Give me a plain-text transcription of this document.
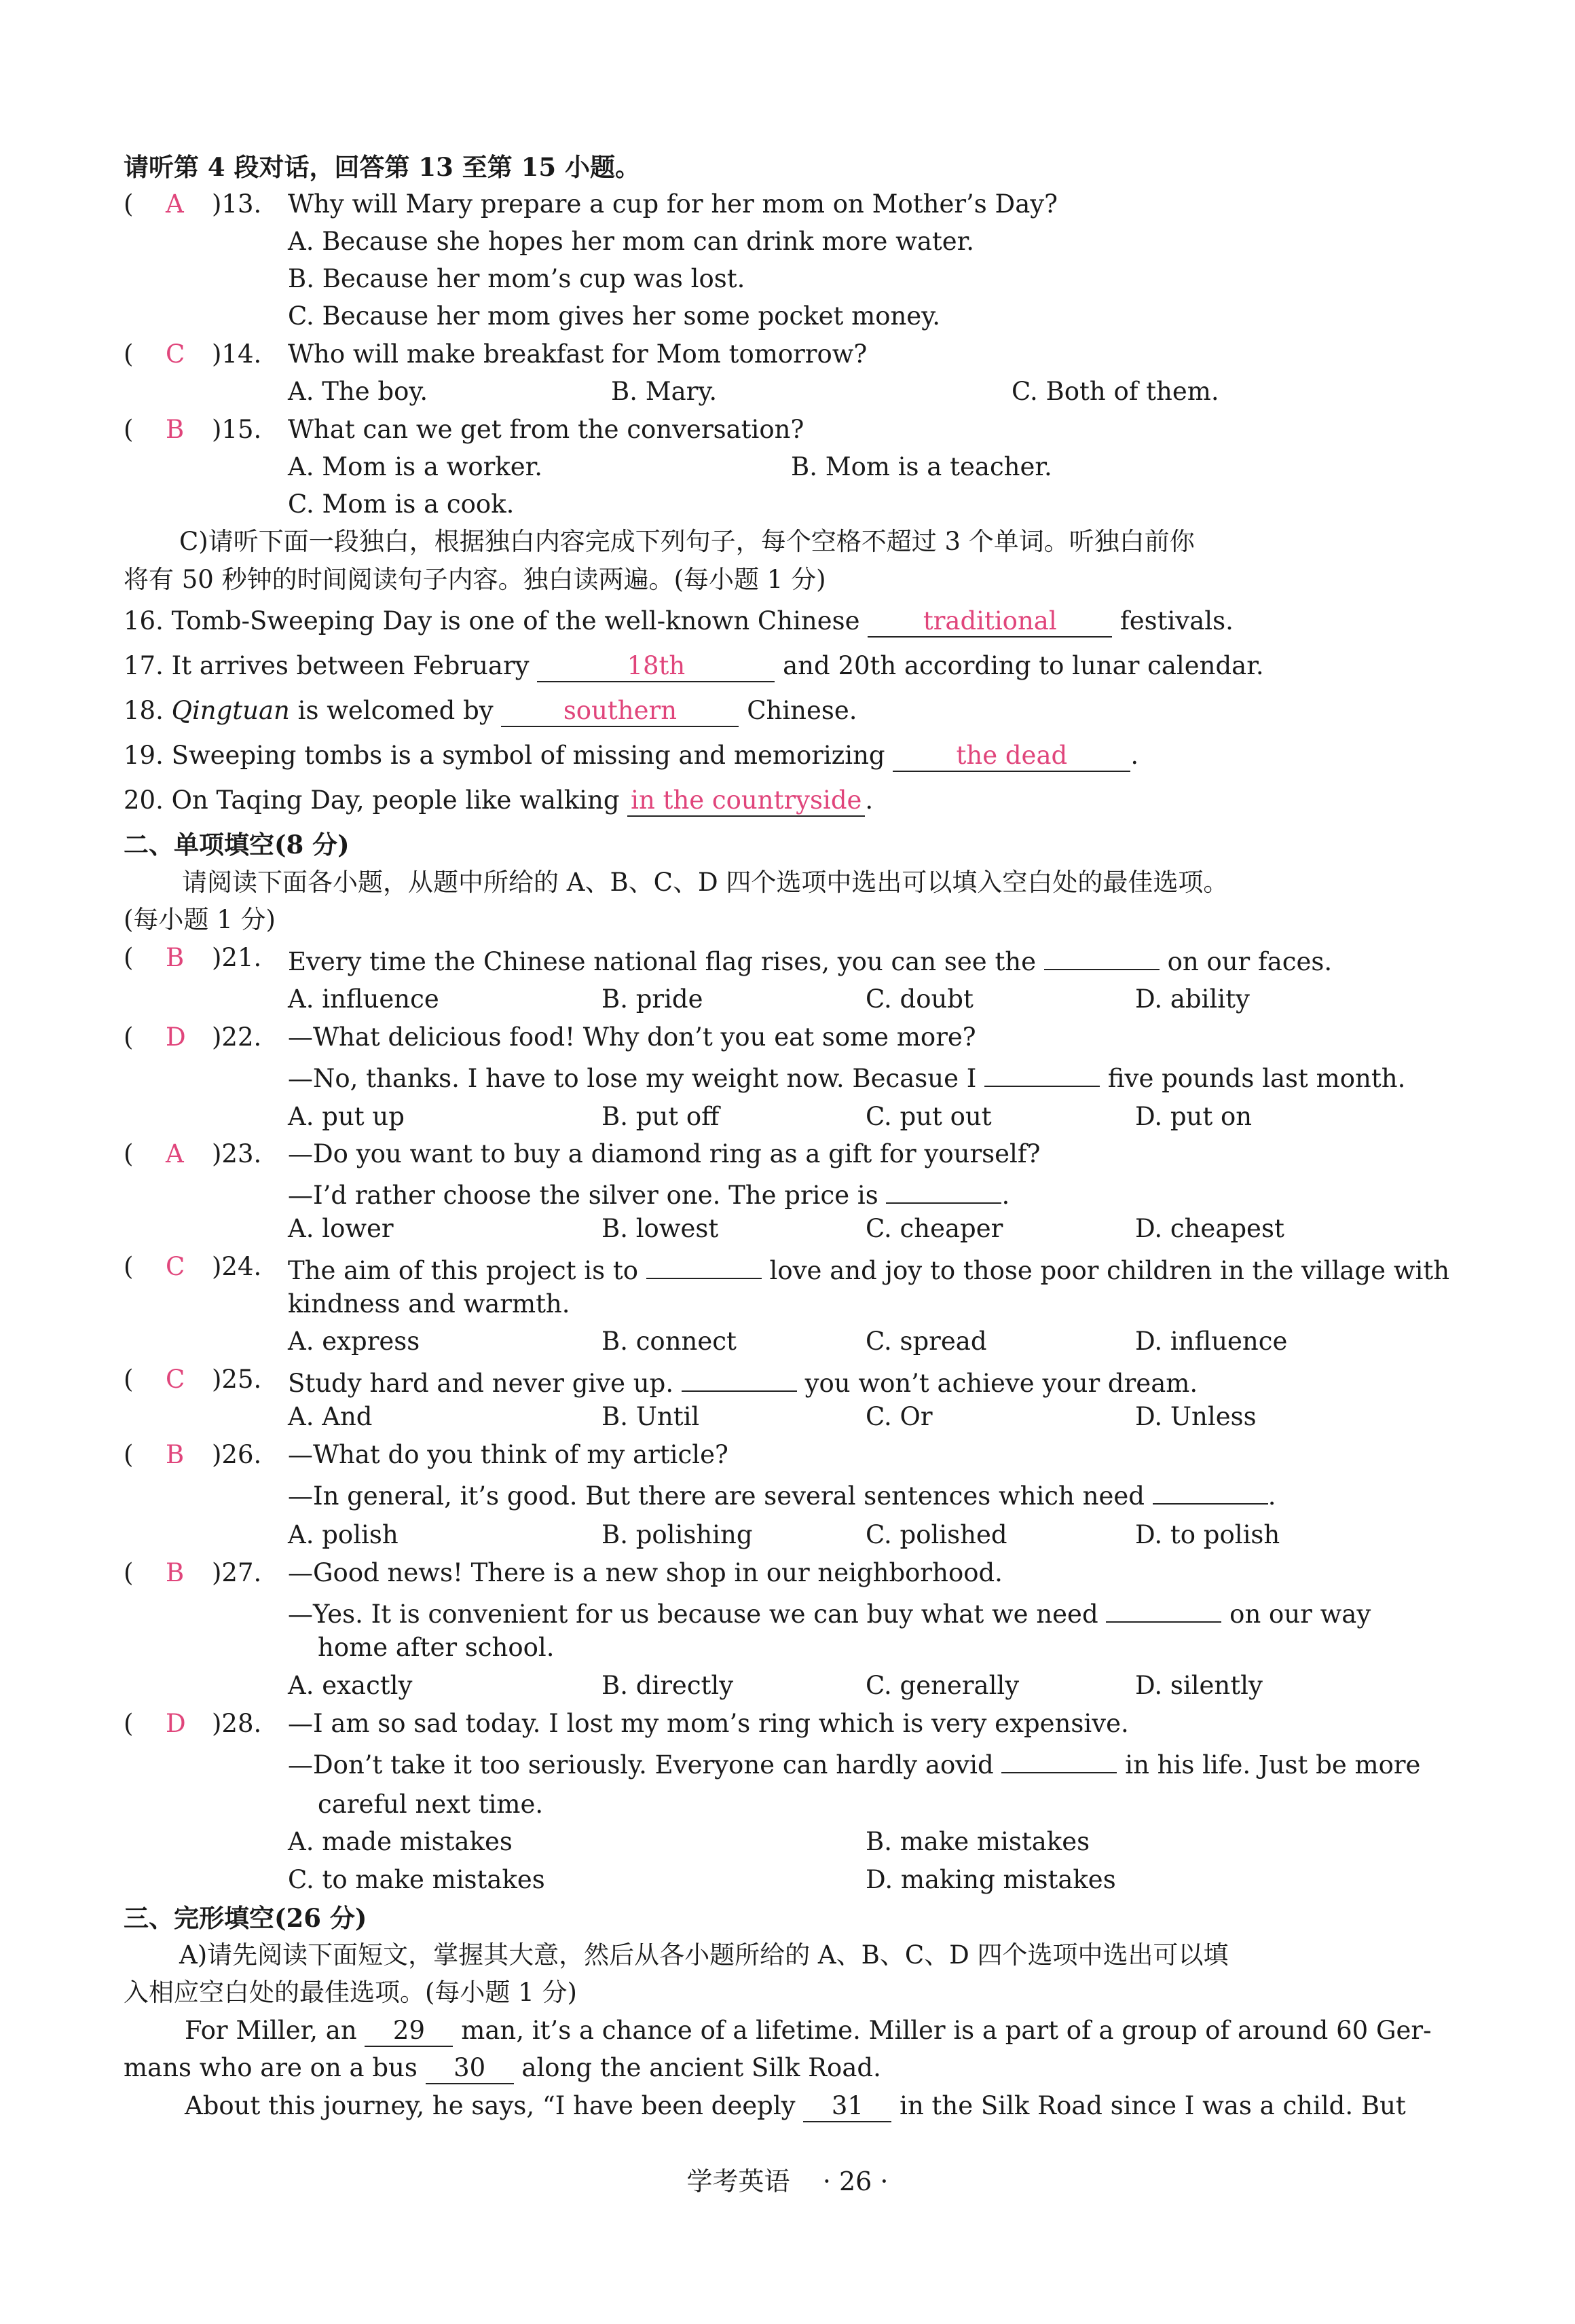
请听第 4 段对话，回答第 13 至第 15 小题。
( A )13. Why will Mary prepare a cup for her mom on Mother’s Day?
A. Because she hopes her mom can drink more water.
B. Because her mom’s cup was lost.
C. Because her mom gives her some pocket money.
( C )14. Who will make breakfast for Mom tomorrow?
A. The boy.	B. Mary.	C. Both of them.
( B )15. What can we get from the conversation?
A. Mom is a worker.	B. Mom is a teacher.
C. Mom is a cook.
C)请听下面一段独白，根据独白内容完成下列句子，每个空格不超过 3 个单词。听独白前你
将有 50 秒钟的时间阅读句子内容。独白读两遍。(每小题 1 分)
16. Tomb-Sweeping Day is one of the well-known Chinese	traditional	festivals.
17. It arrives between February	18th	and 20th according to lunar calendar.
18. Qingtuan is welcomed by	southern	Chinese.
19. Sweeping tombs is a symbol of missing and memorizing	the dead	.
20. On Taqing Day, people like walking in the countryside .
二、单项填空(8 分)
请阅读下面各小题，从题中所给的 A、B、C、D 四个选项中选出可以填入空白处的最佳选项。
(每小题 1 分)
( B )21. Every time the Chinese national flag rises, you can see the	on our faces.
A. influence	B. pride	C. doubt	D. ability
( D )22. —What delicious food! Why don’t you eat some more?
—No, thanks. I have to lose my weight now. Becasue I	five pounds last month.
A. put up	B. put off	C. put out	D. put on
( A )23. —Do you want to buy a diamond ring as a gift for yourself?
—I’d rather choose the silver one. The price is	.
A. lower	B. lowest	C. cheaper	D. cheapest
( C )24. The aim of this project is to	love and joy to those poor children in the village with
kindness and warmth.
A. express	B. connect	C. spread	D. influence
( C )25. Study hard and never give up.	you won’t achieve your dream.
A. And	B. Until	C. Or	D. Unless
( B )26. —What do you think of my article?
—In general, it’s good. But there are several sentences which need	.
A. polish	B. polishing	C. polished	D. to polish
( B )27. —Good news! There is a new shop in our neighborhood.
—Yes. It is convenient for us because we can buy what we need	on our way
home after school.
A. exactly	B. directly	C. generally	D. silently
( D )28. —I am so sad today. I lost my mom’s ring which is very expensive.
—Don’t take it too seriously. Everyone can hardly aovid	in his life. Just be more
careful next time.
A. made mistakes	B. make mistakes
C. to make mistakes	D. making mistakes
三、完形填空(26 分)
A)请先阅读下面短文，掌握其大意，然后从各小题所给的 A、B、C、D 四个选项中选出可以填
入相应空白处的最佳选项。(每小题 1 分)
For Miller, an 29 man, it’s a chance of a lifetime. Miller is a part of a group of around 60 Ger-
mans who are on a bus 30 along the ancient Silk Road.
About this journey, he says, “I have been deeply 31 in the Silk Road since I was a child. But
学考英语 · 26 ·
